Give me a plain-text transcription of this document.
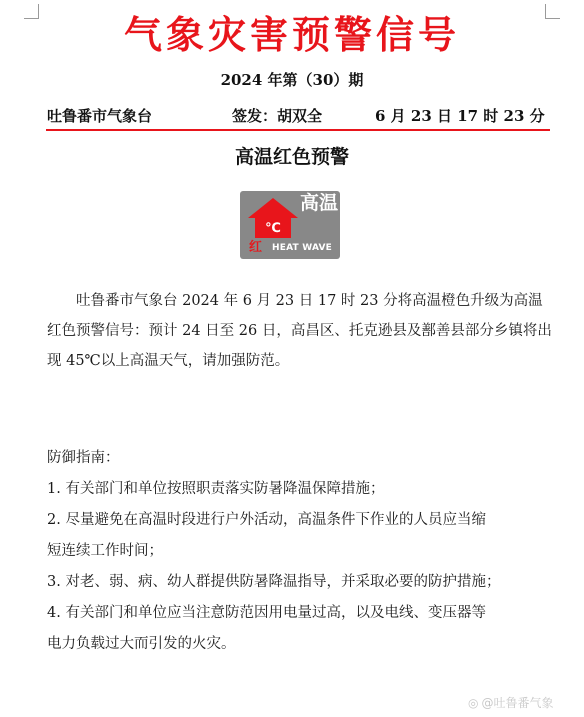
气象灾害预警信号
2024 年第（30）期
吐鲁番市气象台	签发：胡双全	6 月 23 日 17 时 23 分
高温红色预警
℃
高温
红 HEAT WAVE
吐鲁番市气象台 2024 年 6 月 23 日 17 时 23 分将高温橙色升级为高温红色预警信号：预计 24 日至 26 日，高昌区、托克逊县及鄯善县部分乡镇将出现 45℃以上高温天气，请加强防范。

防御指南：

1. 有关部门和单位按照职责落实防暑降温保障措施；

2. 尽量避免在高温时段进行户外活动，高温条件下作业的人员应当缩

短连续工作时间；

3. 对老、弱、病、幼人群提供防暑降温指导，并采取必要的防护措施；

4. 有关部门和单位应当注意防范因用电量过高，以及电线、变压器等

电力负载过大而引发的火灾。

◎ @吐鲁番气象
